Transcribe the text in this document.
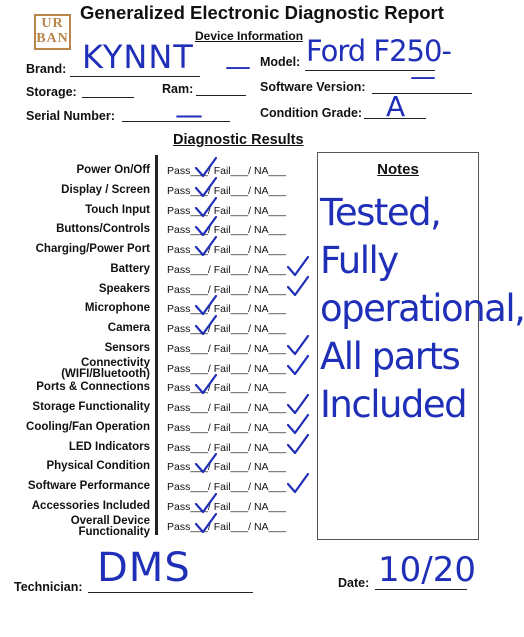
UR BAN
Generalized Electronic Diagnostic Report
Device Information
Brand: KYNNT	Model: Ford F250-
Storage:	Ram:
—
Software Version: —
Serial Number: —	Condition Grade: A
Diagnostic Results
Power On/Off Pass___/ Fail___/ NA___
Display / Screen Pass___/ Fail___/ NA___
Touch Input Pass___/ Fail___/ NA___
Buttons/Controls Pass___/ Fail___/ NA___
Charging/Power Port Pass___/ Fail___/ NA___
Battery Pass___/ Fail___/ NA___
Speakers Pass___/ Fail___/ NA___
Microphone Pass___/ Fail___/ NA___
Camera Pass___/ Fail___/ NA___
Sensors Pass___/ Fail___/ NA___
Connectivity
(WIFI/Bluetooth) Pass___/ Fail___/ NA___
Ports & Connections Pass___/ Fail___/ NA___
Storage Functionality Pass___/ Fail___/ NA___
Cooling/Fan Operation Pass___/ Fail___/ NA___
LED Indicators Pass___/ Fail___/ NA___
Physical Condition Pass___/ Fail___/ NA___
Software Performance Pass___/ Fail___/ NA___
Accessories Included Pass___/ Fail___/ NA___
Overall Device
Functionality Pass___/ Fail___/ NA___
Notes
Tested,
Fully
operational,
All parts
Included
Technician: DMS	Date: 10/20
